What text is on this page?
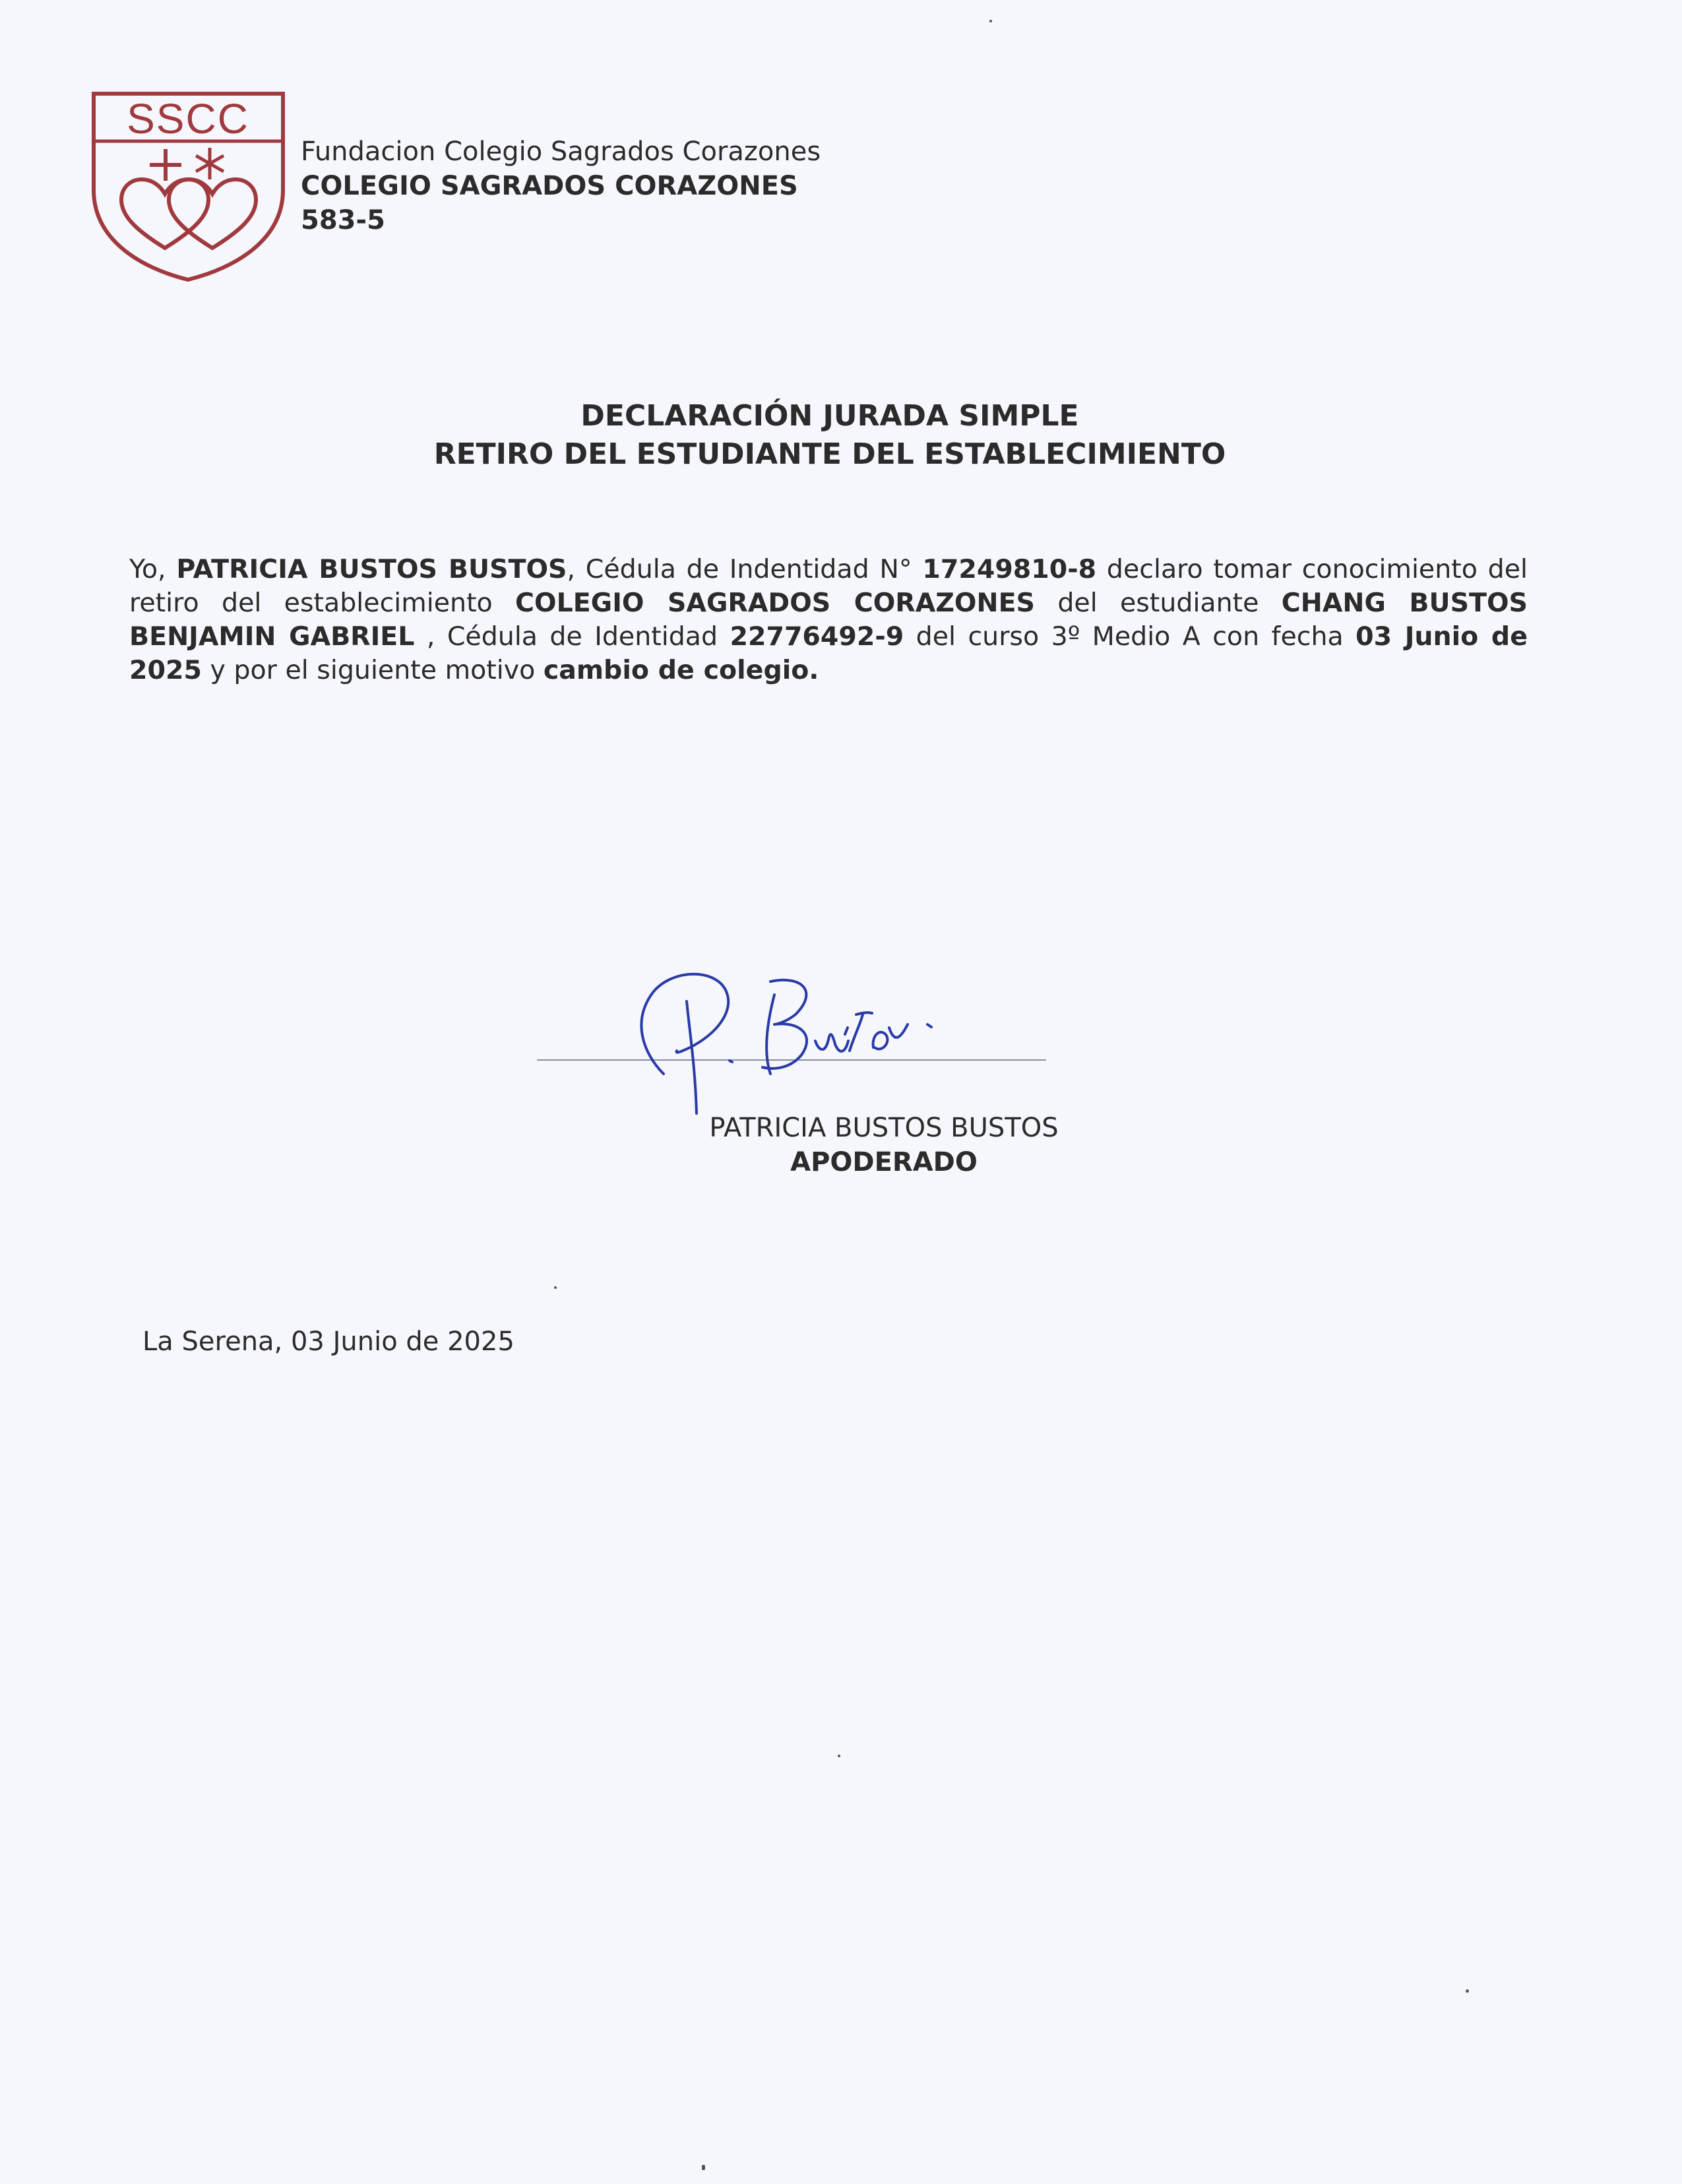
SSCC
Fundacion Colegio Sagrados Corazones
COLEGIO SAGRADOS CORAZONES
583-5
DECLARACIÓN JURADA SIMPLE
RETIRO DEL ESTUDIANTE DEL ESTABLECIMIENTO
Yo, PATRICIA BUSTOS BUSTOS, Cédula de Indentidad N° 17249810-8 declaro tomar conocimiento del retiro del establecimiento COLEGIO SAGRADOS CORAZONES del estudiante CHANG BUSTOS BENJAMIN GABRIEL , Cédula de Identidad 22776492-9 del curso 3º Medio A con fecha 03 Junio de 2025 y por el siguiente motivo cambio de colegio.
PATRICIA BUSTOS BUSTOS
APODERADO
La Serena, 03 Junio de 2025
